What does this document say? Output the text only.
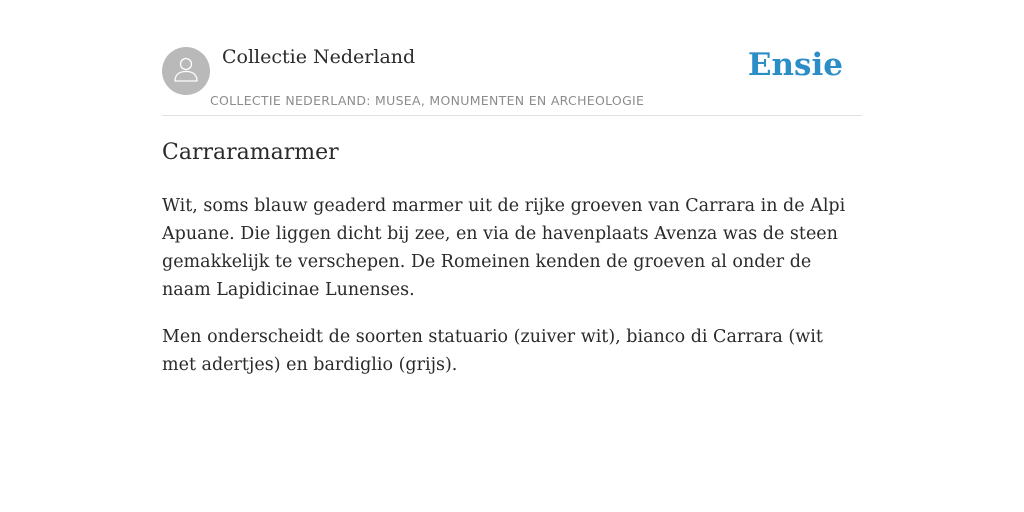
Collectie Nederland
COLLECTIE NEDERLAND: MUSEA, MONUMENTEN EN ARCHEOLOGIE
Ensie
Carraramarmer

Wit, soms blauw geaderd marmer uit de rijke groeven van Carrara in de Alpi Apuane. Die liggen dicht bij zee, en via de havenplaats Avenza was de steen gemakkelijk te verschepen. De Romeinen kenden de groeven al onder de naam Lapidicinae Lunenses.

Men onderscheidt de soorten statuario (zuiver wit), bianco di Carrara (wit met adertjes) en bardiglio (grijs).
